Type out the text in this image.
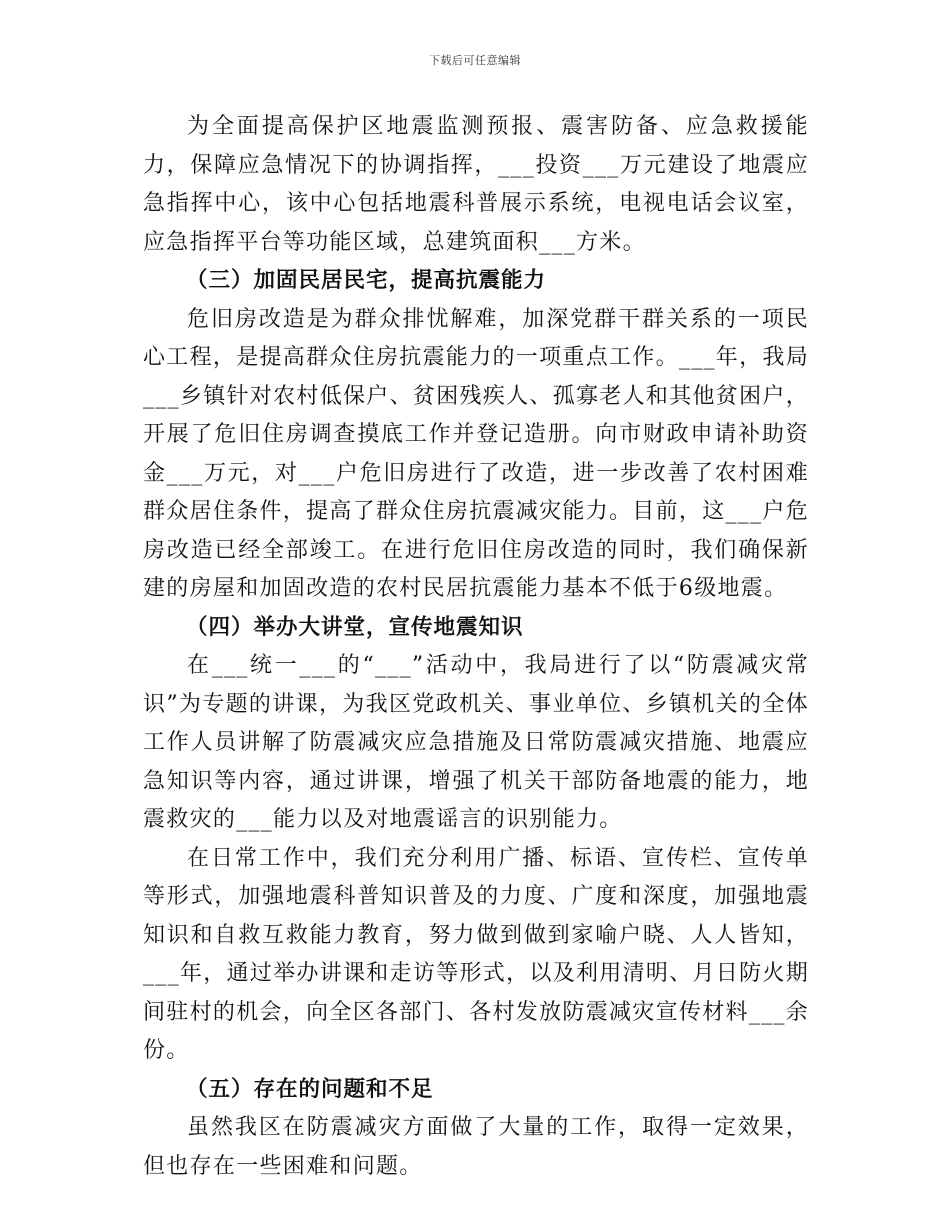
下载后可任意编辑

为全面提高保护区地震监测预报、震害防备、应急救援能力，保障应急情况下的协调指挥，___投资___万元建设了地震应急指挥中心，该中心包括地震科普展示系统，电视电话会议室，应急指挥平台等功能区域，总建筑面积___方米。

（三）加固民居民宅，提高抗震能力

危旧房改造是为群众排忧解难，加深党群干群关系的一项民心工程，是提高群众住房抗震能力的一项重点工作。___年，我局___乡镇针对农村低保户、贫困残疾人、孤寡老人和其他贫困户，开展了危旧住房调查摸底工作并登记造册。向市财政申请补助资金___万元，对___户危旧房进行了改造，进一步改善了农村困难群众居住条件，提高了群众住房抗震减灾能力。目前，这___户危房改造已经全部竣工。在进行危旧住房改造的同时，我们确保新建的房屋和加固改造的农村民居抗震能力基本不低于6级地震。

（四）举办大讲堂，宣传地震知识

在___统一___的“___”活动中，我局进行了以“防震减灾常识”为专题的讲课，为我区党政机关、事业单位、乡镇机关的全体工作人员讲解了防震减灾应急措施及日常防震减灾措施、地震应急知识等内容，通过讲课，增强了机关干部防备地震的能力，地震救灾的___能力以及对地震谣言的识别能力。

在日常工作中，我们充分利用广播、标语、宣传栏、宣传单等形式，加强地震科普知识普及的力度、广度和深度，加强地震知识和自救互救能力教育，努力做到做到家喻户晓、人人皆知，___年，通过举办讲课和走访等形式，以及利用清明、月日防火期间驻村的机会，向全区各部门、各村发放防震减灾宣传材料___余份。

（五）存在的问题和不足

虽然我区在防震减灾方面做了大量的工作，取得一定效果，但也存在一些困难和问题。
